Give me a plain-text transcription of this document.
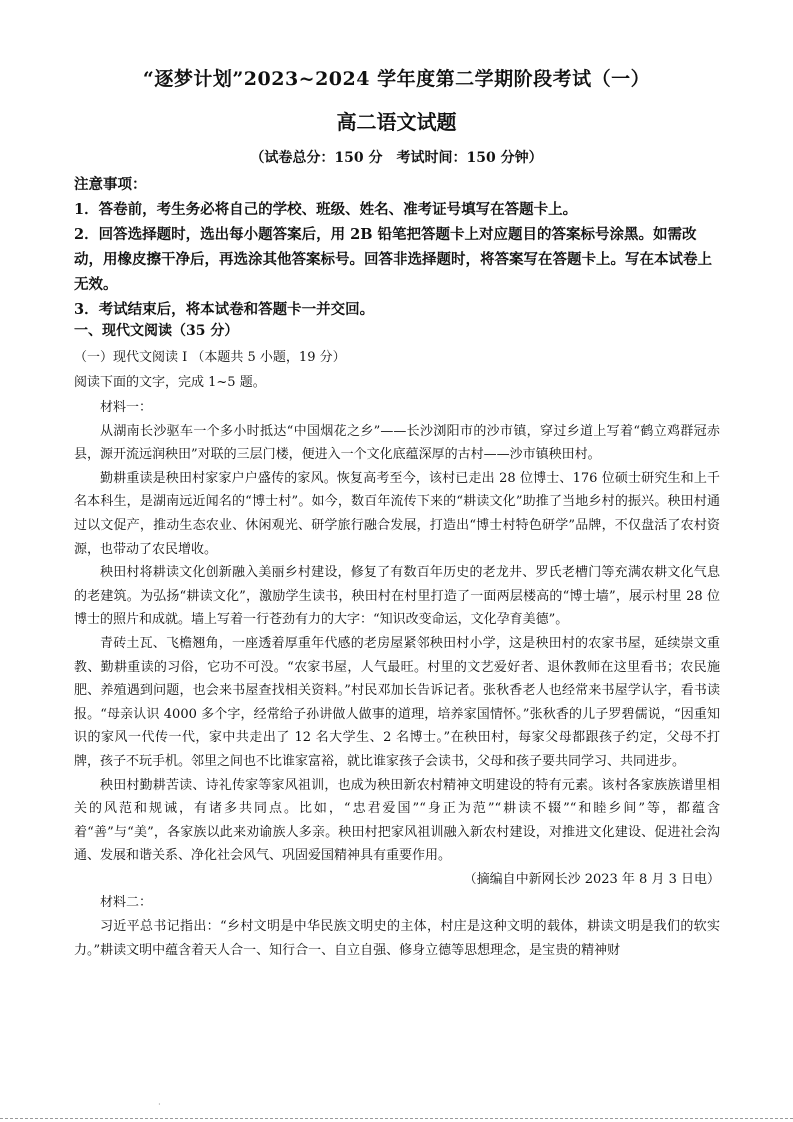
“逐梦计划”2023~2024 学年度第二学期阶段考试（一）
高二语文试题
（试卷总分：150 分　考试时间：150 分钟）

注意事项：

1．答卷前，考生务必将自己的学校、班级、姓名、准考证号填写在答题卡上。

2．回答选择题时，选出每小题答案后，用 2B 铅笔把答题卡上对应题目的答案标号涂黑。如需改动，用橡皮擦干净后，再选涂其他答案标号。回答非选择题时，将答案写在答题卡上。写在本试卷上无效。

3．考试结束后，将本试卷和答题卡一并交回。

一、现代文阅读（35 分）
（一）现代文阅读 I （本题共 5 小题，19 分）
阅读下面的文字，完成 1~5 题。

材料一：

从湖南长沙驱车一个多小时抵达“中国烟花之乡”——长沙浏阳市的沙市镇，穿过乡道上写着“鹤立鸡群冠赤县，源开流远润秧田”对联的三层门楼，便进入一个文化底蕴深厚的古村——沙市镇秧田村。

勤耕重读是秧田村家家户户盛传的家风。恢复高考至今，该村已走出 28 位博士、176 位硕士研究生和上千名本科生，是湖南远近闻名的“博士村”。如今，数百年流传下来的“耕读文化”助推了当地乡村的振兴。秧田村通过以文促产，推动生态农业、休闲观光、研学旅行融合发展，打造出“博士村特色研学”品牌，不仅盘活了农村资源，也带动了农民增收。

秧田村将耕读文化创新融入美丽乡村建设，修复了有数百年历史的老龙井、罗氏老槽门等充满农耕文化气息的老建筑。为弘扬“耕读文化”，激励学生读书，秧田村在村里打造了一面两层楼高的“博士墙”，展示村里 28 位博士的照片和成就。墙上写着一行苍劲有力的大字：“知识改变命运，文化孕育美德”。

青砖土瓦、飞檐翘角，一座透着厚重年代感的老房屋紧邻秧田村小学，这是秧田村的农家书屋，延续崇文重教、勤耕重读的习俗，它功不可没。“农家书屋，人气最旺。村里的文艺爱好者、退休教师在这里看书；农民施肥、养殖遇到问题，也会来书屋查找相关资料。”村民邓加长告诉记者。张秋香老人也经常来书屋学认字，看书读报。“母亲认识 4000 多个字，经常给子孙讲做人做事的道理，培养家国情怀。”张秋香的儿子罗碧儒说，“因重知识的家风一代传一代，家中共走出了 12 名大学生、2 名博士。”在秧田村，每家父母都跟孩子约定，父母不打牌，孩子不玩手机。邻里之间也不比谁家富裕，就比谁家孩子会读书，父母和孩子要共同学习、共同进步。

秧田村勤耕苦读、诗礼传家等家风祖训，也成为秧田新农村精神文明建设的特有元素。该村各家族族谱里相关的风范和规诫，有诸多共同点。比如，“忠君爱国”“身正为范”“耕读不辍”“和睦乡间”等，都蕴含着“善”与“美”，各家族以此来劝谕族人多亲。秧田村把家风祖训融入新农村建设，对推进文化建设、促进社会沟通、发展和谐关系、净化社会风气、巩固爱国精神具有重要作用。

（摘编自中新网长沙 2023 年 8 月 3 日电）

材料二：

习近平总书记指出：“乡村文明是中华民族文明史的主体，村庄是这种文明的载体，耕读文明是我们的软实力。”耕读文明中蕴含着天人合一、知行合一、自立自强、修身立德等思想理念，是宝贵的精神财

·
